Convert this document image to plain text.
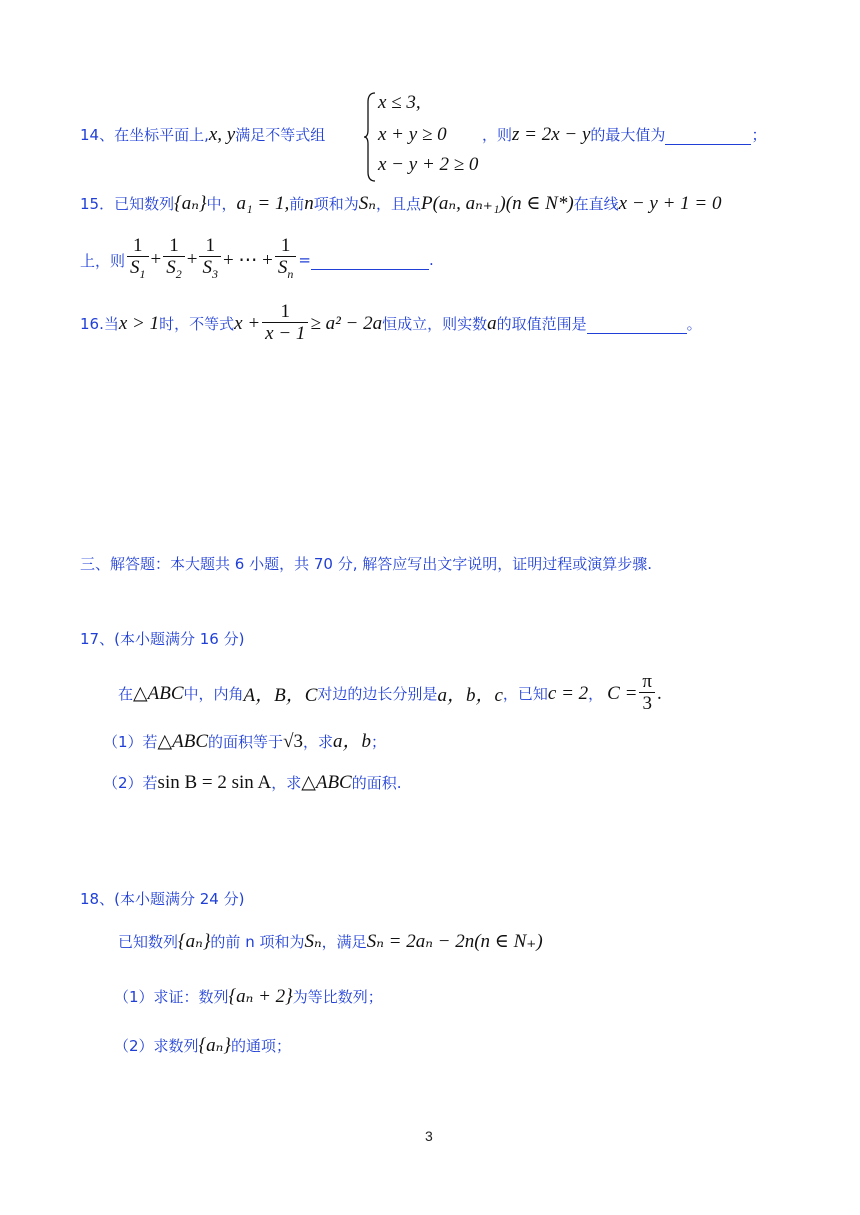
14、在坐标平面上,x, y满足不等式组
x ≤ 3,
x + y ≥ 0
x − y + 2 ≥ 0
，则z = 2x − y的最大值为	；
15．已知数列{aₙ}中，a₁ = 1,前n项和为Sₙ，且点P(aₙ, aₙ₊₁)(n ∈ N*)在直线x − y + 1 = 0
上，则 $\frac{1}{S_1} + \frac{1}{S_2} + \frac{1}{S_3}$ + ⋯ + $\frac{1}{S_n}$ =
	.
16. 当 x > 1 时，不等式 $x + \frac{1}{x - 1} \ge a^2 - 2a$ 恒成立，则实数 a 的取值范围是
	。
三、解答题：本大题共 6 小题，共 70 分, 解答应写出文字说明，证明过程或演算步骤.
17、(本小题满分 16 分)
在 △ABC 中，内角 A，B，C 对边的边长分别是 a，b，c ，已知 c = 2 ， $C = \frac{\pi}{3}$ .
（1）若△ABC的面积等于√3，求a，b；
（2）若sin B = 2 sin A，求△ABC的面积.
18、(本小题满分 24 分)
已知数列{aₙ}的前 n 项和为Sₙ，满足Sₙ = 2aₙ − 2n(n ∈ N₊)
（1）求证：数列{aₙ + 2}为等比数列；
（2）求数列{aₙ}的通项；
3
